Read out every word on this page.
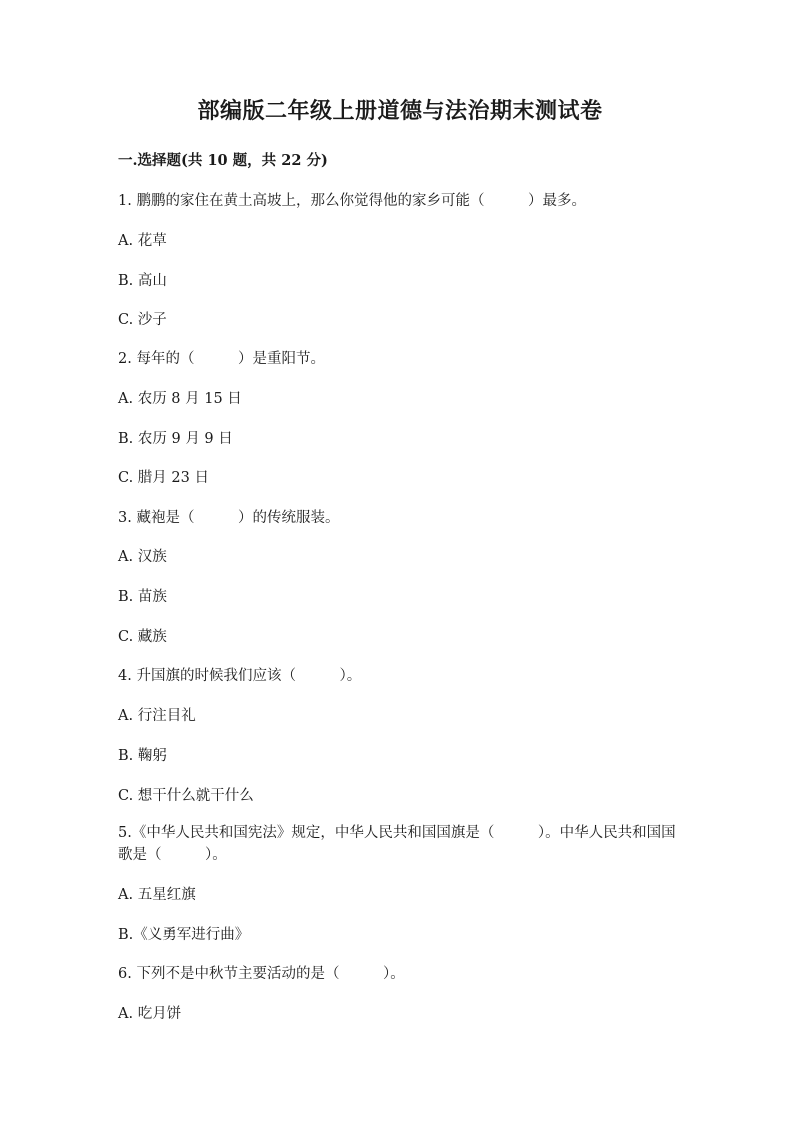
部编版二年级上册道德与法治期末测试卷

一.选择题(共 10 题，共 22 分)

1. 鹏鹏的家住在黄土高坡上，那么你觉得他的家乡可能（　　　）最多。

A. 花草

B. 高山

C. 沙子

2. 每年的（　　　）是重阳节。

A. 农历 8 月 15 日

B. 农历 9 月 9 日

C. 腊月 23 日

3. 藏袍是（　　　）的传统服装。

A. 汉族

B. 苗族

C. 藏族

4. 升国旗的时候我们应该（　　　）。

A. 行注目礼

B. 鞠躬

C. 想干什么就干什么

5.《中华人民共和国宪法》规定，中华人民共和国国旗是（　　　）。中华人民共和国国歌是（　　　）。

A. 五星红旗

B.《义勇军进行曲》

6. 下列不是中秋节主要活动的是（　　　）。

A. 吃月饼
